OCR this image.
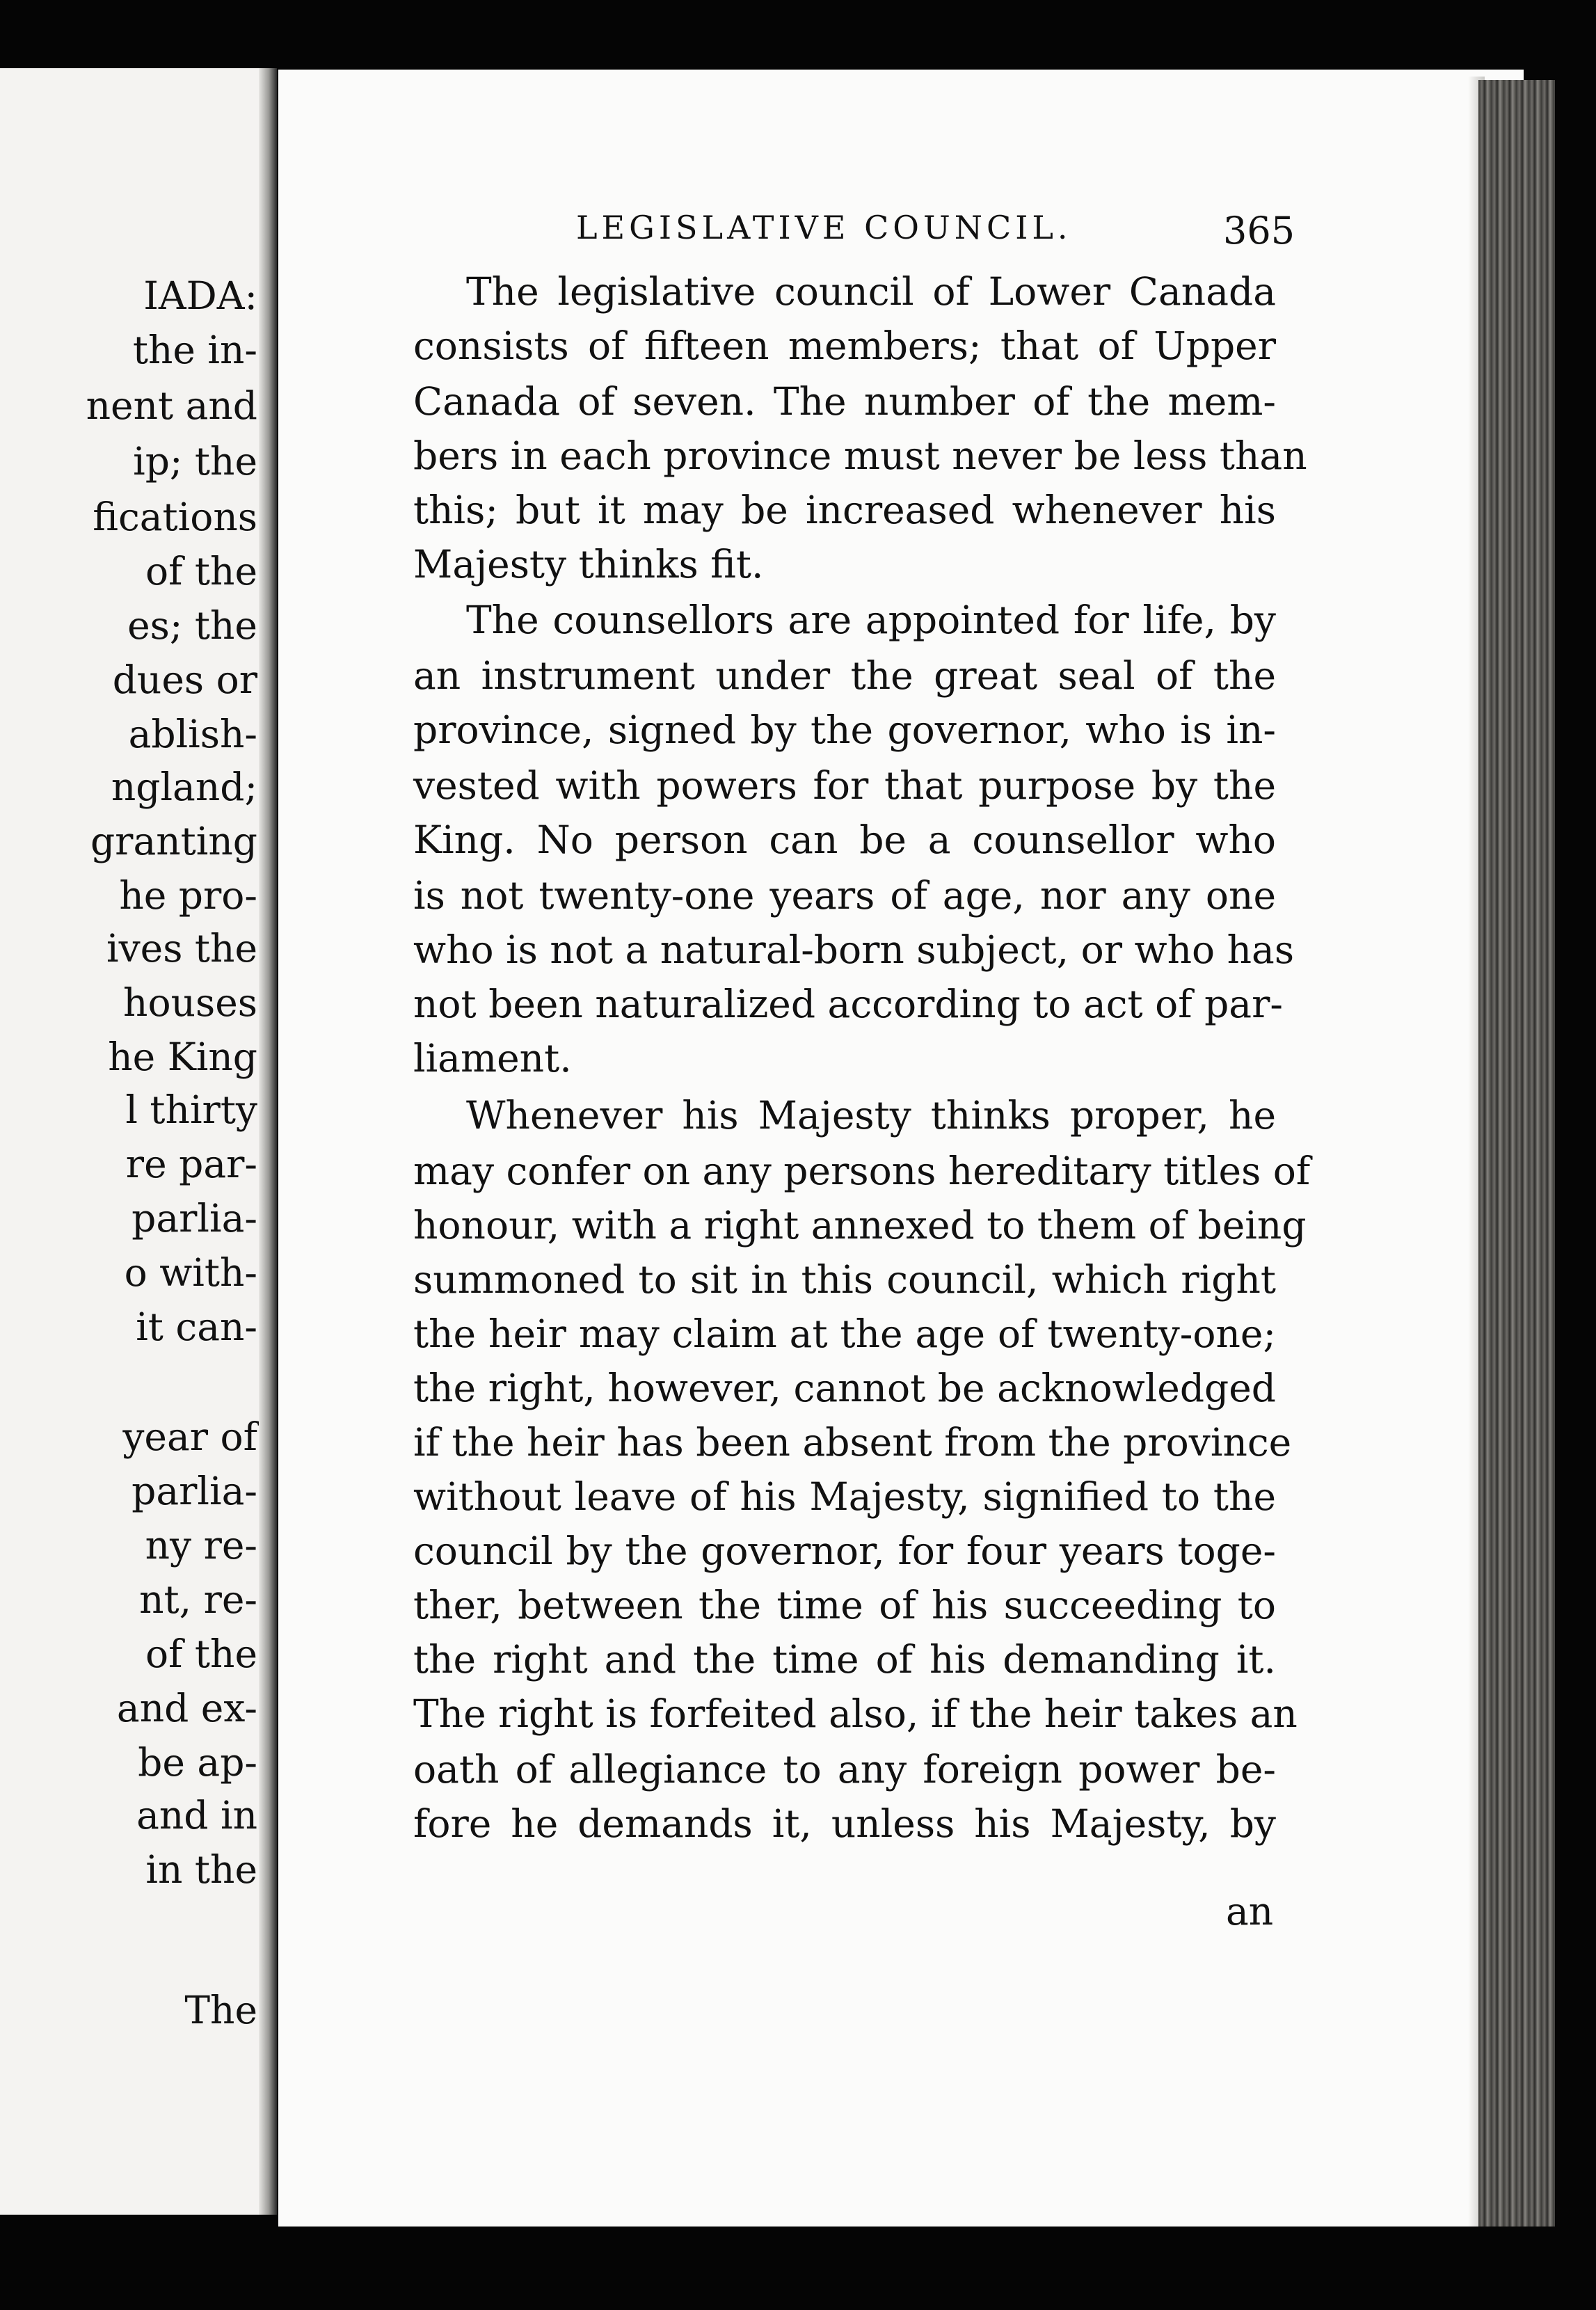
IADA:

the in-

nent and

ip; the

fications

of the

es; the

dues or

ablish-

ngland;

granting

he pro-

ives the

houses

he King

l thirty

re par-

parlia-

o with-

it can-

year of

parlia-

ny re-

nt, re-

of the

and ex-

be ap-

and in

in the

The

LEGISLATIVE COUNCIL.	365

The legislative council of Lower Canada

consists of fifteen members; that of Upper

Canada of seven. The number of the mem-

bers in each province must never be less than

this; but it may be increased whenever his

Majesty thinks fit.

The counsellors are appointed for life, by

an instrument under the great seal of the

province, signed by the governor, who is in-

vested with powers for that purpose by the

King. No person can be a counsellor who

is not twenty-one years of age, nor any one

who is not a natural-born subject, or who has

not been naturalized according to act of par-

liament.

Whenever his Majesty thinks proper, he

may confer on any persons hereditary titles of

honour, with a right annexed to them of being

summoned to sit in this council, which right

the heir may claim at the age of twenty-one;

the right, however, cannot be acknowledged

if the heir has been absent from the province

without leave of his Majesty, signified to the

council by the governor, for four years toge-

ther, between the time of his succeeding to

the right and the time of his demanding it.

The right is forfeited also, if the heir takes an

oath of allegiance to any foreign power be-

fore he demands it, unless his Majesty, by

an
